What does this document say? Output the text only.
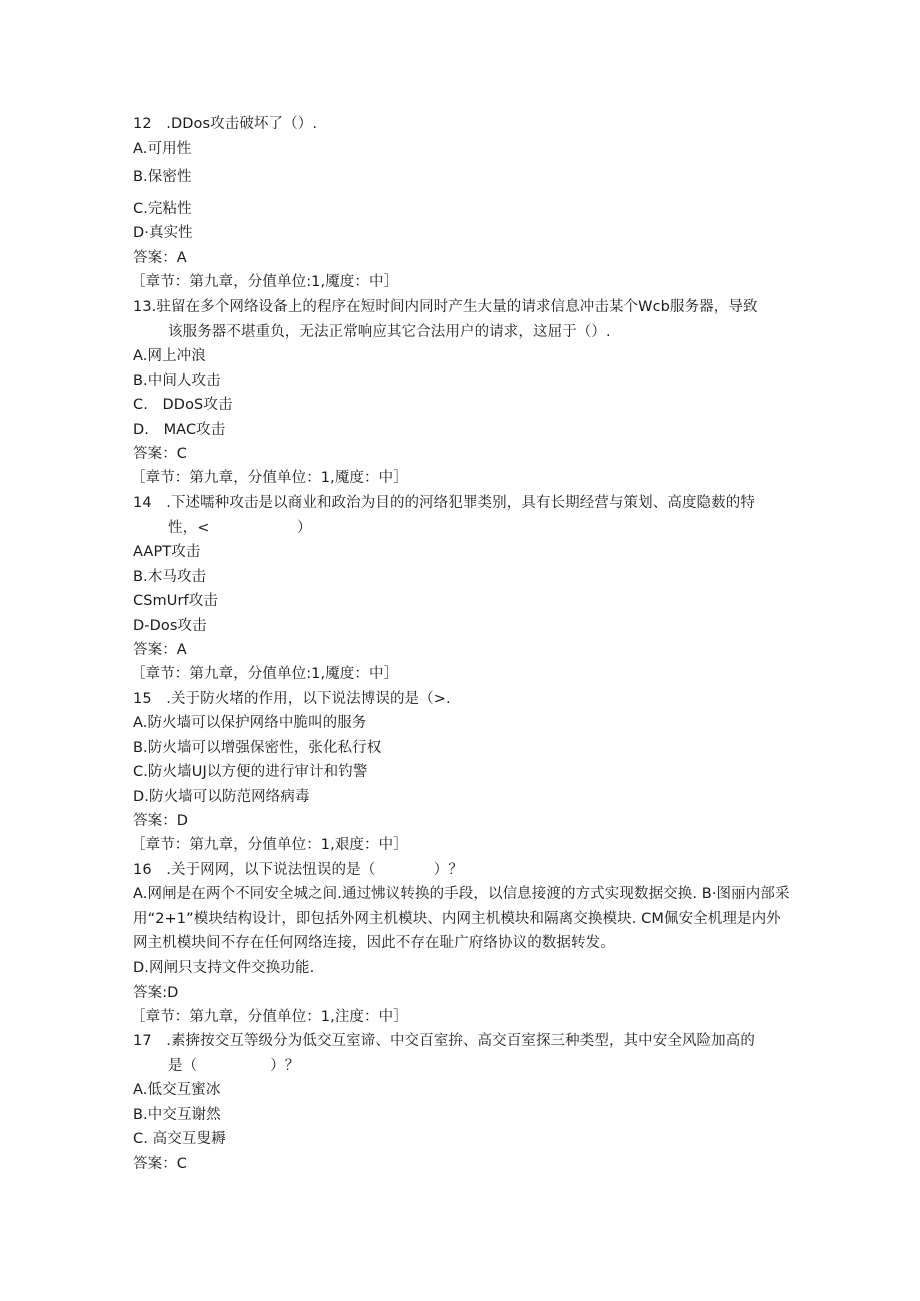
12　.DDos攻击破坏了（）.
A.可用性
B.保密性
C.完粘性
D·真实性
答案：A
［章节：第九章，分值单位:1,魇度：中］
13.驻留在多个网络设备上的程序在短时间内同时产生大量的请求信息冲击某个Wcb服务器，导致
该服务器不堪重负，无法正常响应其它合法用户的请求，这屈于（）.
A.网上冲浪
B.中间人攻击
C.　DDoS攻击
D.　MAC攻击
答案：C
［章节：第九章，分值单位：1,魇度：中］
14　.下述嚅种攻击是以商业和政治为目的的河络犯罪类别，具有长期经营与策划、高度隐薮的特
性，<　　　　　　）
AAPT攻击
B.木马攻击
CSmUrf攻击
D-Dos攻击
答案：A
［章节：第九章，分值单位:1,魇度：中］
15　.关于防火堵的作用，以下说法博误的是（>.
A.防火墙可以保护网络中脆叫的服务
B.防火墙可以增强保密性，张化私行权
C.防火墙UJ以方便的进行审计和钓警
D.防火墙可以防范网络病毒
答案：D
［章节：第九章，分值单位：1,艰度：中］
16　.关于网网，以下说法忸误的是（　　　　）？
A.网闸是在两个不同安全城之间.通过怫议转换的手段，以信息接渡的方式实现数据交换. B·图丽内部采用“2+1”模块结构设计，即包括外网主机模块、内网主机模块和隔离交换模块. CM佩安全机理是内外网主机模块间不存在任何网络连接，因此不存在耻广府络协议的数据转发。
D.网闸只支持文件交换功能.
答案:D
［章节：第九章，分值单位：1,注度：中］
17　.素捹按交互等级分为低交互室谛、中交百室拚、高交百室探三种类型，其中安全风险加高的
是（　　　　　）？
A.低交互蜜冰
B.中交互谢然
C. 高交互叟耨
答案：C
